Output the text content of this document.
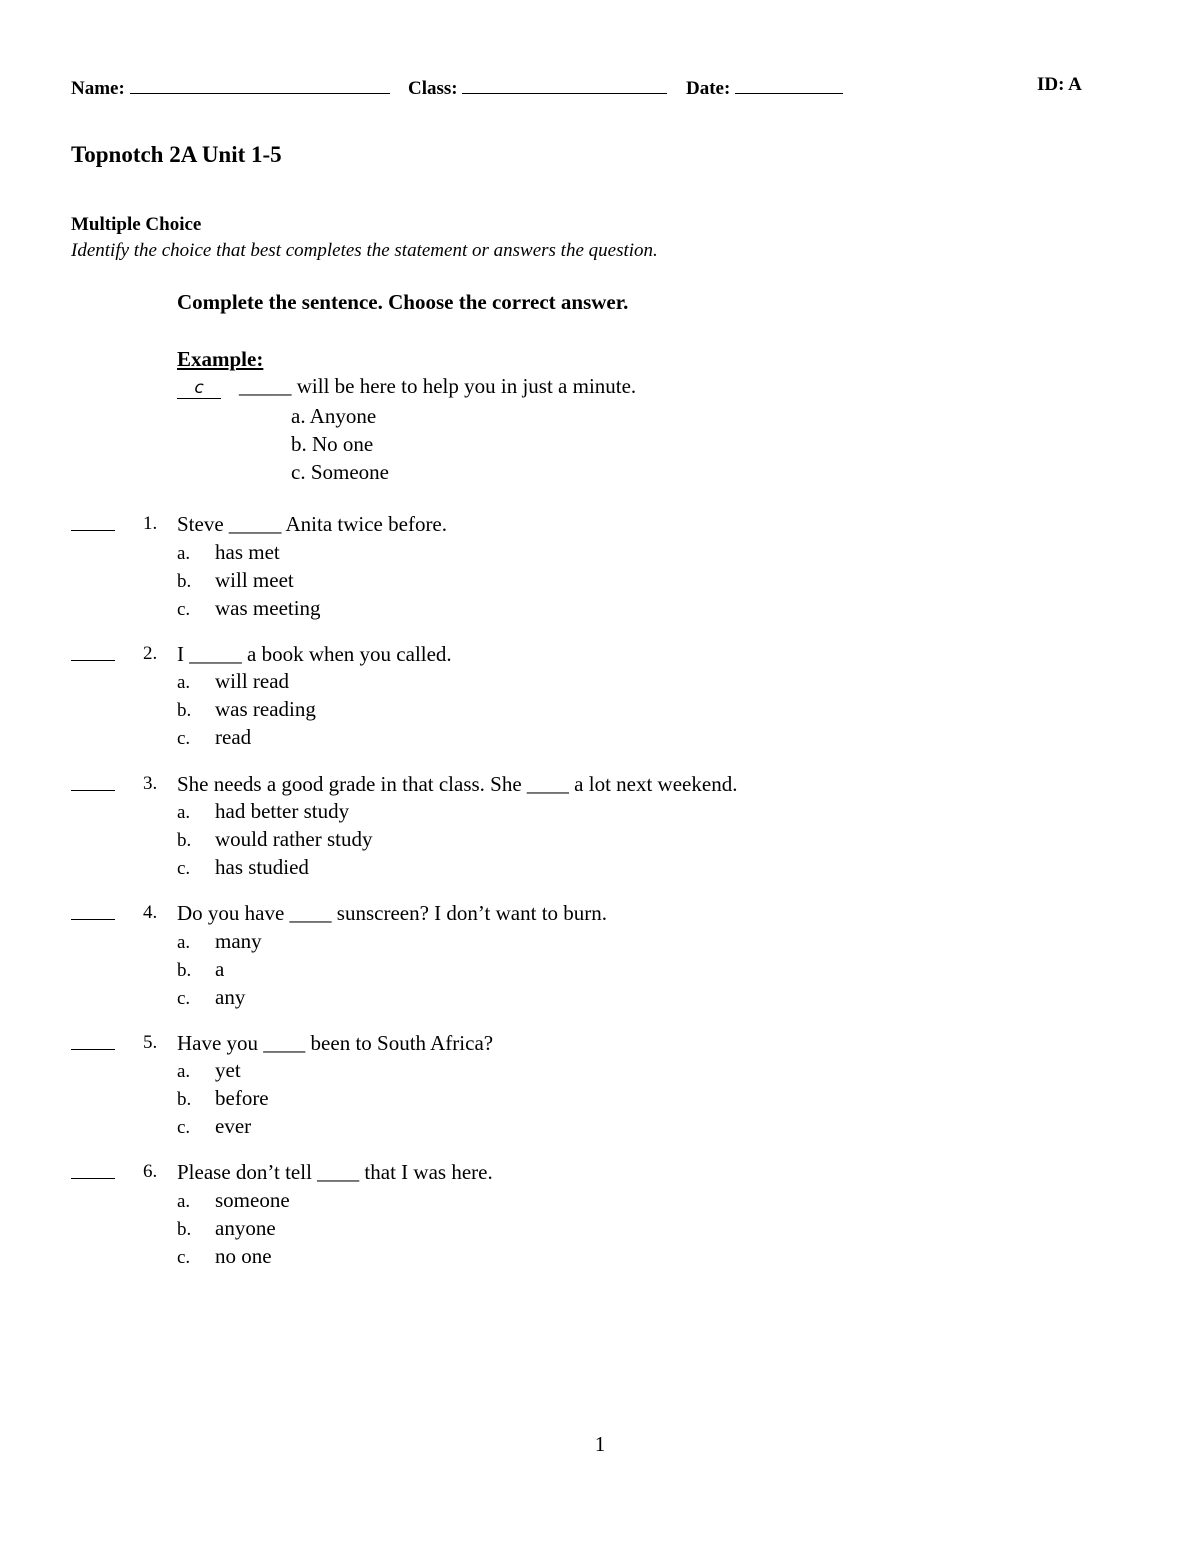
Name:	Class:	Date:	ID: A
Topnotch 2A Unit 1-5
Multiple Choice
Identify the choice that best completes the statement or answers the question.
Complete the sentence. Choose the correct answer.
Example:
c _____ will be here to help you in just a minute.
a. Anyone
b. No one
c. Someone
1. Steve _____ Anita twice before.
a. has met
b. will meet
c. was meeting
2. I _____ a book when you called.
a. will read
b. was reading
c. read
3. She needs a good grade in that class. She ____ a lot next weekend.
a. had better study
b. would rather study
c. has studied
4. Do you have ____ sunscreen? I don’t want to burn.
a. many
b. a
c. any
5. Have you ____ been to South Africa?
a. yet
b. before
c. ever
6. Please don’t tell ____ that I was here.
a. someone
b. anyone
c. no one
1
